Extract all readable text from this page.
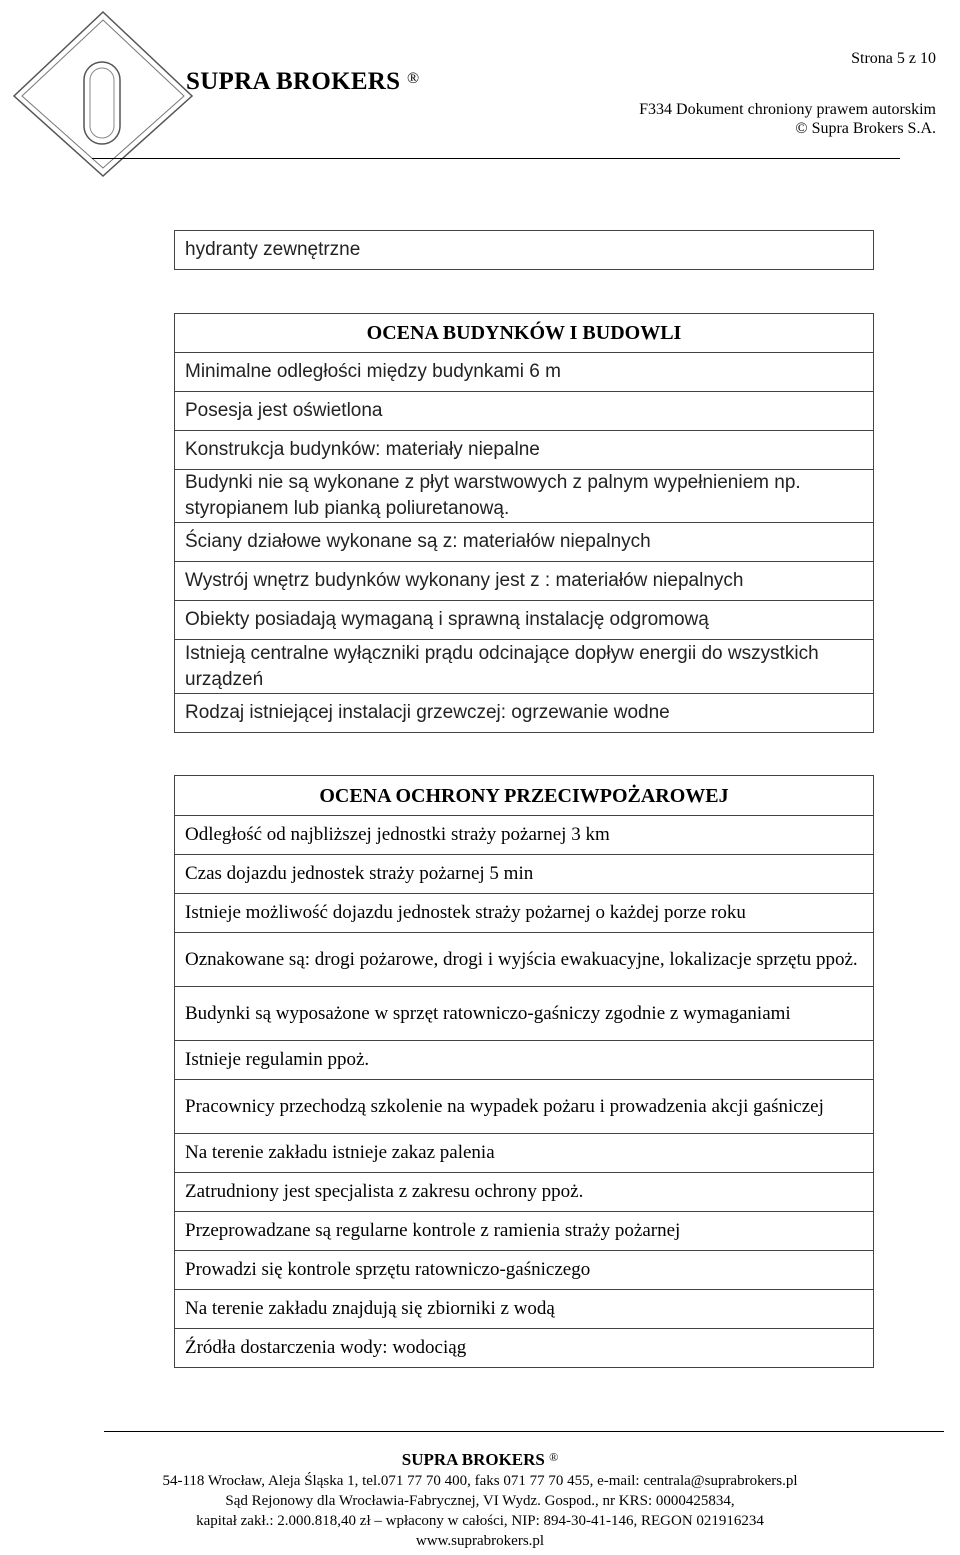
SUPRA BROKERS ®
Strona 5 z 10
F334 Dokument chroniony prawem autorskim
© Supra Brokers S.A.
hydranty zewnętrzne
OCENA BUDYNKÓW I BUDOWLI
Minimalne odległości między budynkami 6 m
Posesja jest oświetlona
Konstrukcja budynków: materiały niepalne
Budynki nie są wykonane z płyt warstwowych z palnym wypełnieniem np. styropianem lub pianką poliuretanową.
Ściany działowe wykonane są z: materiałów niepalnych
Wystrój wnętrz budynków wykonany jest z : materiałów niepalnych
Obiekty posiadają wymaganą i sprawną instalację odgromową
Istnieją centralne wyłączniki prądu odcinające dopływ energii do wszystkich urządzeń
Rodzaj istniejącej instalacji grzewczej: ogrzewanie wodne
OCENA OCHRONY PRZECIWPOŻAROWEJ
Odległość od najbliższej jednostki straży pożarnej 3 km
Czas dojazdu jednostek straży pożarnej 5 min
Istnieje możliwość dojazdu jednostek straży pożarnej o każdej porze roku
Oznakowane są: drogi pożarowe, drogi i wyjścia ewakuacyjne, lokalizacje sprzętu ppoż.
Budynki są wyposażone w sprzęt ratowniczo-gaśniczy zgodnie z wymaganiami
Istnieje regulamin ppoż.
Pracownicy przechodzą szkolenie na wypadek pożaru i prowadzenia akcji gaśniczej
Na terenie zakładu istnieje zakaz palenia
Zatrudniony jest specjalista z zakresu ochrony ppoż.
Przeprowadzane są regularne kontrole z ramienia straży pożarnej
Prowadzi się kontrole sprzętu ratowniczo-gaśniczego
Na terenie zakładu znajdują się zbiorniki z wodą
Źródła dostarczenia wody: wodociąg
SUPRA BROKERS ®
54-118 Wrocław, Aleja Śląska 1, tel.071 77 70 400, faks 071 77 70 455, e-mail: centrala@suprabrokers.pl
Sąd Rejonowy dla Wrocławia-Fabrycznej, VI Wydz. Gospod., nr KRS: 0000425834,
kapitał zakł.: 2.000.818,40 zł – wpłacony w całości, NIP: 894-30-41-146, REGON 021916234
www.suprabrokers.pl
